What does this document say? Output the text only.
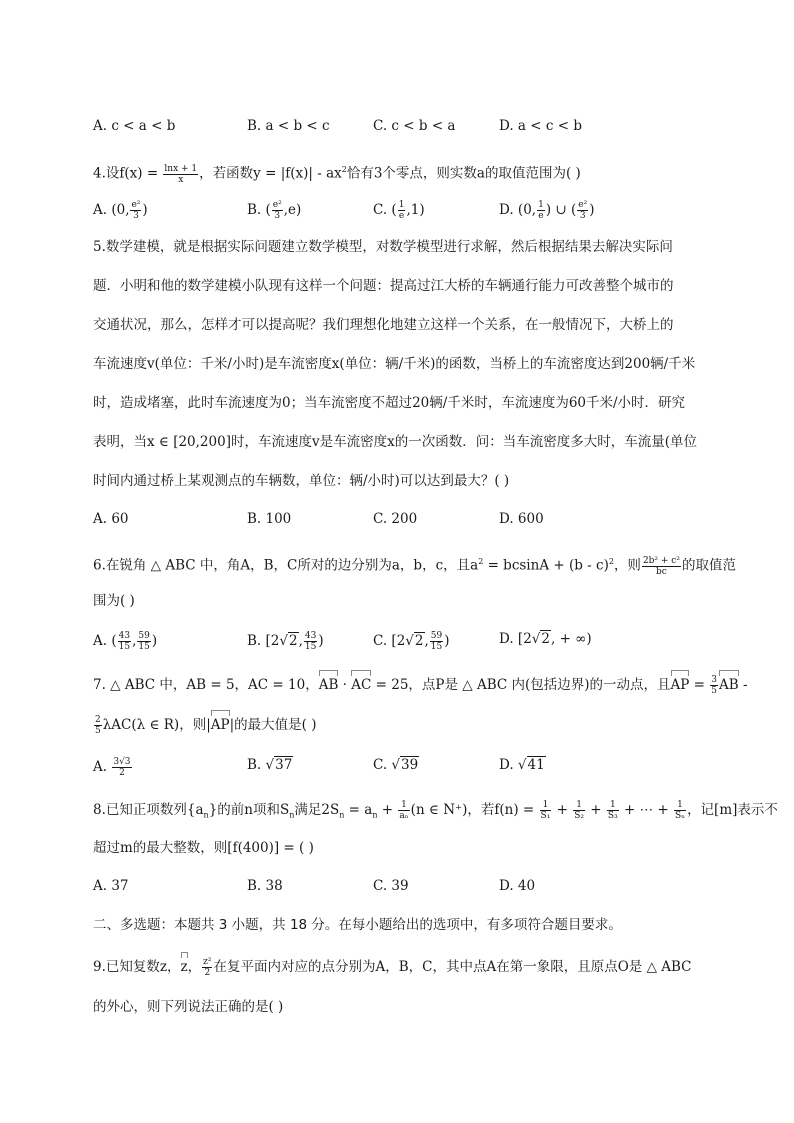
A. c < a < b	B. a < b < c	C. c < b < a	D. a < c < b
4.设$f(x) = \frac{\ln x + 1}{x}$ ，若函数$y = |f(x)| - ax^2$恰有3个零点，则实数a的取值范围为( )
A. (0, $\frac{\text{e²}}{3}$ )	B. ( $\frac{\text{e²}}{3} ,e$)	C. ( $\frac{1}{e} ,1$)	D. (0, $\frac{1}{e}$ ) ∪ ( $\frac{\text{e²}}{3}$ )
5.数学建模，就是根据实际问题建立数学模型，对数学模型进行求解，然后根据结果去解决实际问
题．小明和他的数学建模小队现有这样一个问题：提高过江大桥的车辆通行能力可改善整个城市的
交通状况，那么，怎样才可以提高呢？我们理想化地建立这样一个关系，在一般情况下，大桥上的
车流速度v(单位：千米/小时)是车流密度x(单位：辆/千米)的函数，当桥上的车流密度达到200辆/千米
时，造成堵塞，此时车流速度为0；当车流密度不超过20辆/千米时，车流速度为60千米/小时．研究
表明，当x ∈ [20,200]时，车流速度v是车流密度x的一次函数．问：当车流密度多大时，车流量(单位
时间内通过桥上某观测点的车辆数，单位：辆/小时)可以达到最大？( )
A. 60	B. 100	C. 200	D. 600
6.在锐角 △ ABC 中，角A，B，C所对的边分别为a，b，c，且$a^2 = bcsinA + (b - c)^2$，则 $\frac{\text{2b² + c²}}{bc}$ 的取值范
围为( )
A. ( $\frac{43}{15}$ , $\frac{59}{15}$ )	B. [2√2, $\frac{43}{15}$ )	C. [2√2, $\frac{59}{15}$ )	D. [2√2, + ∞)
7. △ ABC 中，AB = 5，AC = 10，AB · AC = 25，点P是 △ ABC 内(包括边界)的一动点，且AP = $\frac{3}{5}$ AB -
$\frac{2}{5} \lambda AC(\lambda$ ∈ R)，则|AP|的最大值是( )
A. $\frac{3√3}{2}$	B. √37	C. √39	D. √41
8.已知正项数列$\{a_n\}$的前n项和$S_n$满足$2S_n = a_n + \frac{1}{\text{aₙ}} (n$ ∈ N⁺)，若$f(n) = \frac{1}{\text{S₁}} + \frac{1}{\text{S₂}} + \frac{1}{\text{S₃}}$ + ⋯ + $\frac{1}{\text{Sₙ}}$ ，记[m]表示不
超过m的最大整数，则[f(400)] = ( )
A. 37	B. 38	C. 39	D. 40
二、多选题：本题共 3 小题，共 18 分。在每小题给出的选项中，有多项符合题目要求。
9.已知复数z，z， $\frac{\text{z²}}{2}$ 在复平面内对应的点分别为A，B，C，其中点A在第一象限，且原点O是 △ ABC
的外心，则下列说法正确的是( )
